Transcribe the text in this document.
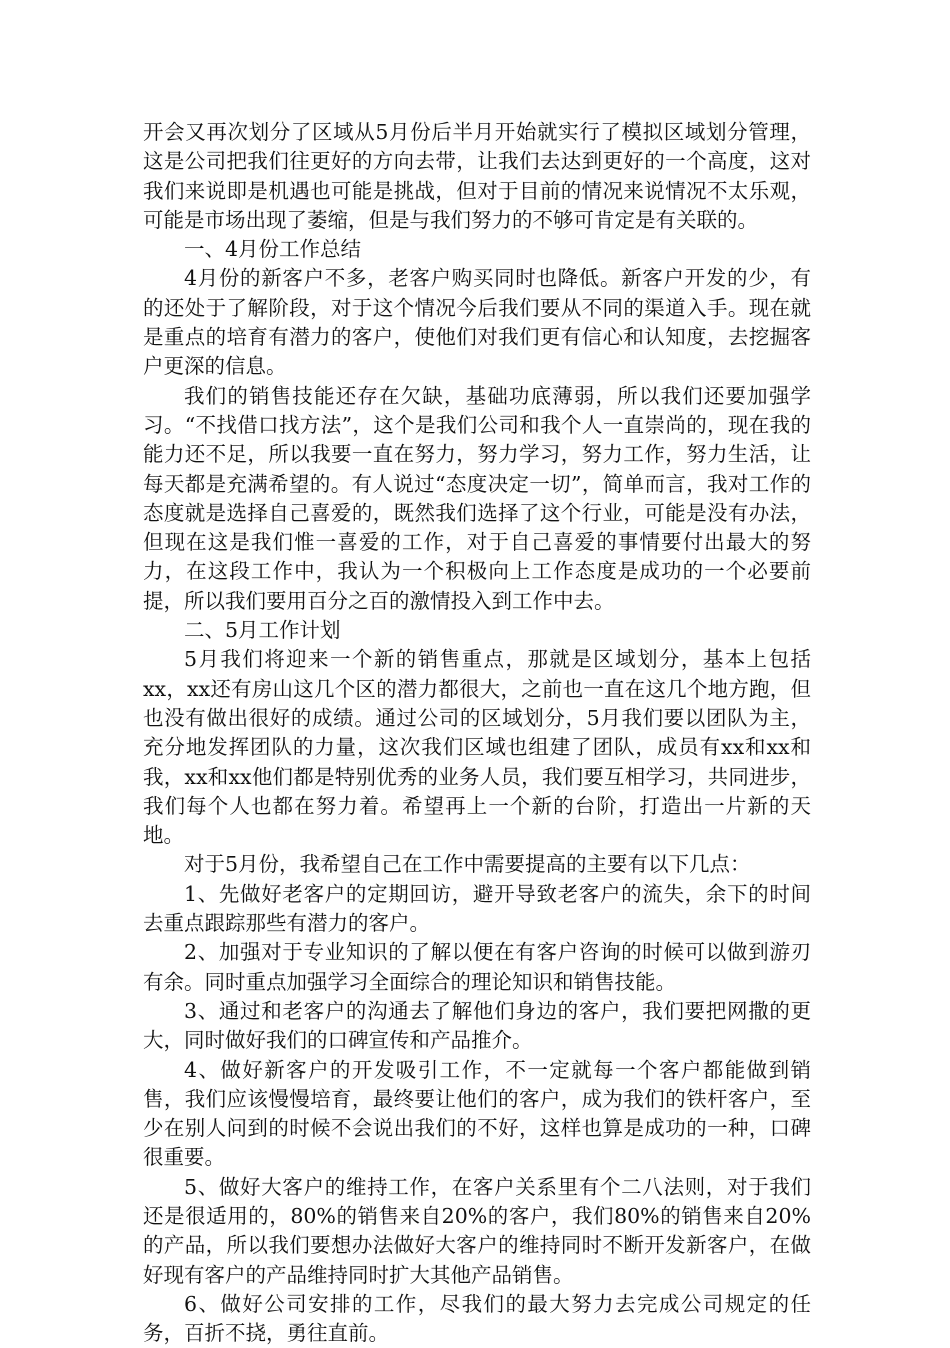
开会又再次划分了区域从5月份后半月开始就实行了模拟区域划分管理，这是公司把我们往更好的方向去带，让我们去达到更好的一个高度，这对我们来说即是机遇也可能是挑战，但对于目前的情况来说情况不太乐观，可能是市场出现了萎缩，但是与我们努力的不够可肯定是有关联的。

一、4月份工作总结

4月份的新客户不多，老客户购买同时也降低。新客户开发的少，有的还处于了解阶段，对于这个情况今后我们要从不同的渠道入手。现在就是重点的培育有潜力的客户，使他们对我们更有信心和认知度，去挖掘客户更深的信息。

我们的销售技能还存在欠缺，基础功底薄弱，所以我们还要加强学习。“不找借口找方法”，这个是我们公司和我个人一直崇尚的，现在我的能力还不足，所以我要一直在努力，努力学习，努力工作，努力生活，让每天都是充满希望的。有人说过“态度决定一切”，简单而言，我对工作的态度就是选择自己喜爱的，既然我们选择了这个行业，可能是没有办法，但现在这是我们惟一喜爱的工作，对于自己喜爱的事情要付出最大的努力，在这段工作中，我认为一个积极向上工作态度是成功的一个必要前提，所以我们要用百分之百的激情投入到工作中去。

二、5月工作计划

5月我们将迎来一个新的销售重点，那就是区域划分，基本上包括xx，xx还有房山这几个区的潜力都很大，之前也一直在这几个地方跑，但也没有做出很好的成绩。通过公司的区域划分，5月我们要以团队为主，充分地发挥团队的力量，这次我们区域也组建了团队，成员有xx和xx和我，xx和xx他们都是特别优秀的业务人员，我们要互相学习，共同进步，我们每个人也都在努力着。希望再上一个新的台阶，打造出一片新的天地。

对于5月份，我希望自己在工作中需要提高的主要有以下几点：

1、先做好老客户的定期回访，避开导致老客户的流失，余下的时间去重点跟踪那些有潜力的客户。

2、加强对于专业知识的了解以便在有客户咨询的时候可以做到游刃有余。同时重点加强学习全面综合的理论知识和销售技能。

3、通过和老客户的沟通去了解他们身边的客户，我们要把网撒的更大，同时做好我们的口碑宣传和产品推介。

4、做好新客户的开发吸引工作，不一定就每一个客户都能做到销售，我们应该慢慢培育，最终要让他们的客户，成为我们的铁杆客户，至少在别人问到的时候不会说出我们的不好，这样也算是成功的一种，口碑很重要。

5、做好大客户的维持工作，在客户关系里有个二八法则，对于我们还是很适用的，80%的销售来自20%的客户，我们80%的销售来自20%的产品，所以我们要想办法做好大客户的维持同时不断开发新客户，在做好现有客户的产品维持同时扩大其他产品销售。

6、做好公司安排的工作，尽我们的最大努力去完成公司规定的任务，百折不挠，勇往直前。
